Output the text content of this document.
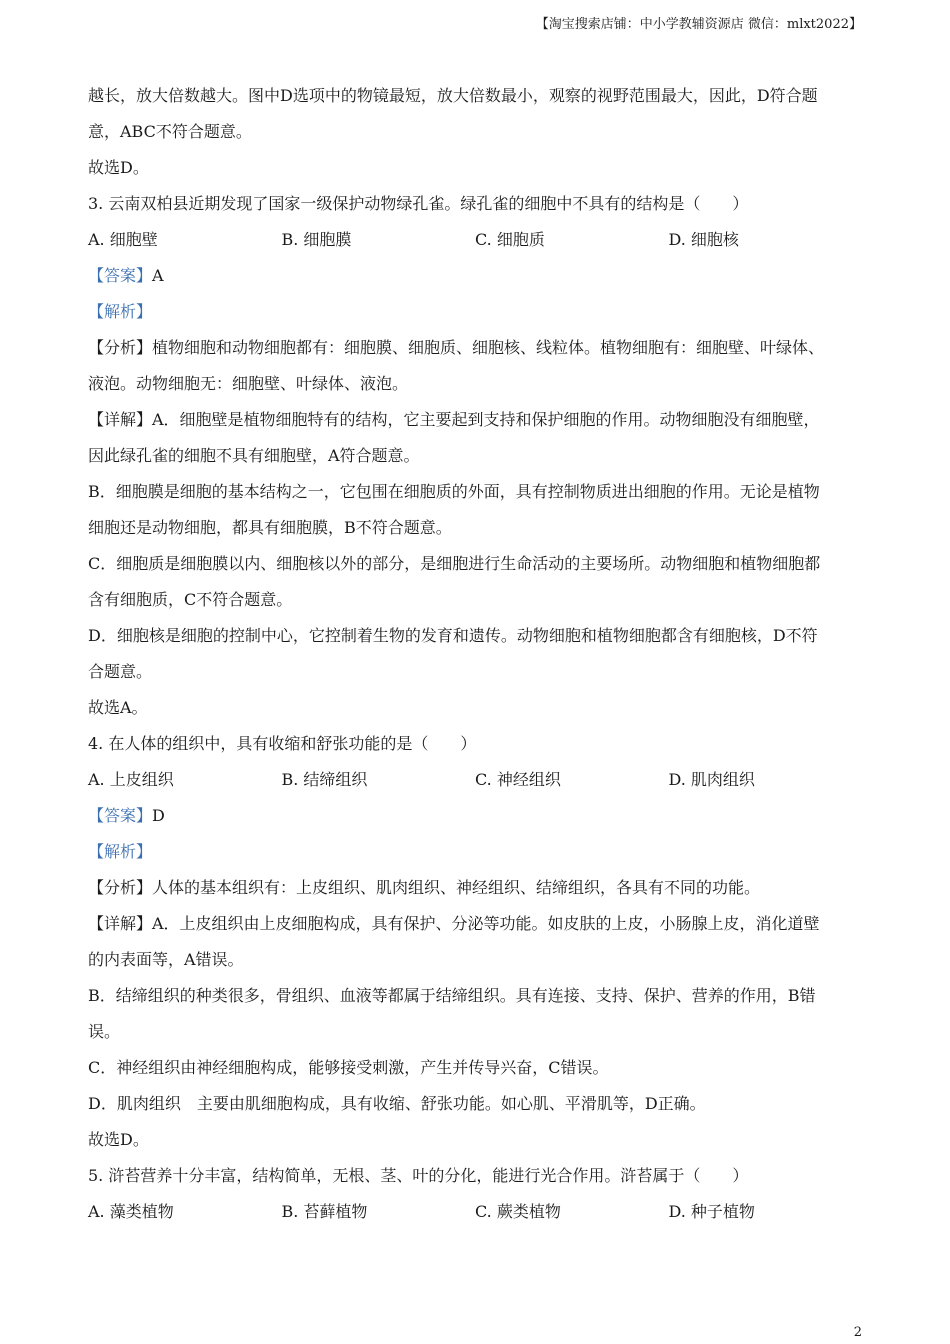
【淘宝搜索店铺：中小学教辅资源店 微信：mlxt2022】
越长，放大倍数越大。图中D选项中的物镜最短，放大倍数最小，观察的视野范围最大，因此，D符合题
意，ABC不符合题意。
故选D。
3. 云南双柏县近期发现了国家一级保护动物绿孔雀。绿孔雀的细胞中不具有的结构是（　　）
A. 细胞壁	B. 细胞膜	C. 细胞质	D. 细胞核
【答案】A
【解析】
【分析】植物细胞和动物细胞都有：细胞膜、细胞质、细胞核、线粒体。植物细胞有：细胞壁、叶绿体、
液泡。动物细胞无：细胞壁、叶绿体、液泡。
【详解】A．细胞壁是植物细胞特有的结构，它主要起到支持和保护细胞的作用。动物细胞没有细胞壁，
因此绿孔雀的细胞不具有细胞壁，A符合题意。
B．细胞膜是细胞的基本结构之一，它包围在细胞质的外面，具有控制物质进出细胞的作用。无论是植物
细胞还是动物细胞，都具有细胞膜，B不符合题意。
C．细胞质是细胞膜以内、细胞核以外的部分，是细胞进行生命活动的主要场所。动物细胞和植物细胞都
含有细胞质，C不符合题意。
D．细胞核是细胞的控制中心，它控制着生物的发育和遗传。动物细胞和植物细胞都含有细胞核，D不符
合题意。
故选A。
4. 在人体的组织中，具有收缩和舒张功能的是（　　）
A. 上皮组织	B. 结缔组织	C. 神经组织	D. 肌肉组织
【答案】D
【解析】
【分析】人体的基本组织有：上皮组织、肌肉组织、神经组织、结缔组织，各具有不同的功能。
【详解】A．上皮组织由上皮细胞构成，具有保护、分泌等功能。如皮肤的上皮，小肠腺上皮，消化道壁
的内表面等，A错误。
B．结缔组织的种类很多，骨组织、血液等都属于结缔组织。具有连接、支持、保护、营养的作用，B错
误。
C．神经组织由神经细胞构成，能够接受刺激，产生并传导兴奋，C错误。
D．肌肉组织　主要由肌细胞构成，具有收缩、舒张功能。如心肌、平滑肌等，D正确。
故选D。
5. 浒苔营养十分丰富，结构简单，无根、茎、叶的分化，能进行光合作用。浒苔属于（　　）
A. 藻类植物	B. 苔藓植物	C. 蕨类植物	D. 种子植物
2
